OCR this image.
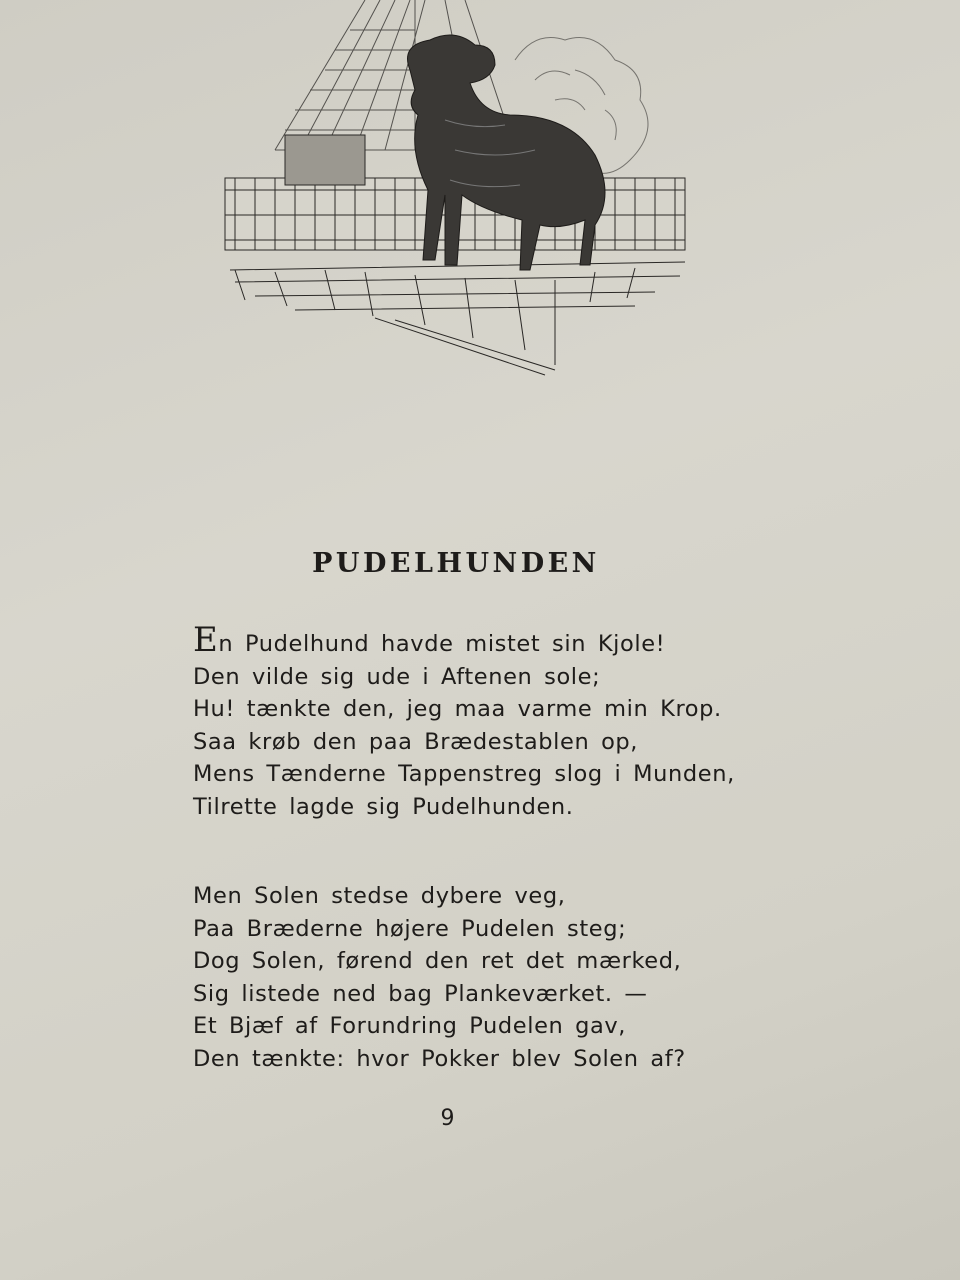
PUDELHUNDEN
En Pudelhund havde mistet sin Kjole!
Den vilde sig ude i Aftenen sole;
Hu! tænkte den, jeg maa varme min Krop.
Saa krøb den paa Brædestablen op,
Mens Tænderne Tappenstreg slog i Munden,
Tilrette lagde sig Pudelhunden.
Men Solen stedse dybere veg,
Paa Bræderne højere Pudelen steg;
Dog Solen, førend den ret det mærked,
Sig listede ned bag Plankeværket. —
Et Bjæf af Forundring Pudelen gav,
Den tænkte: hvor Pokker blev Solen af?
9
